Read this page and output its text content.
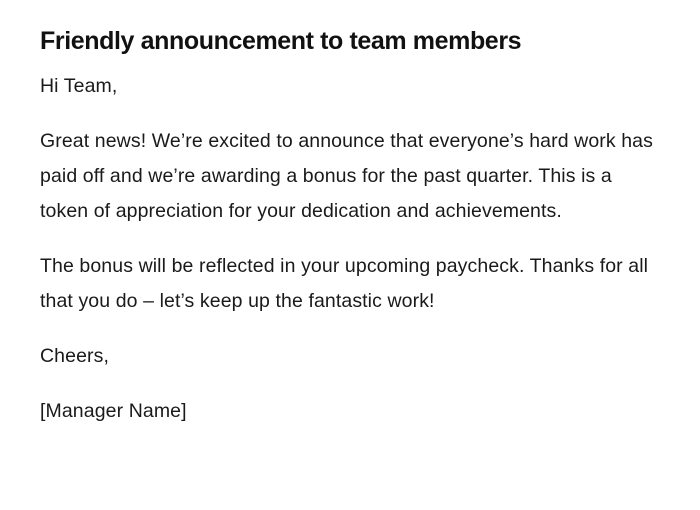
Friendly announcement to team members

Hi Team,

Great news! We’re excited to announce that everyone’s hard work has paid off and we’re awarding a bonus for the past quarter. This is a token of appreciation for your dedication and achievements.

The bonus will be reflected in your upcoming paycheck. Thanks for all that you do – let’s keep up the fantastic work!

Cheers,

[Manager Name]
